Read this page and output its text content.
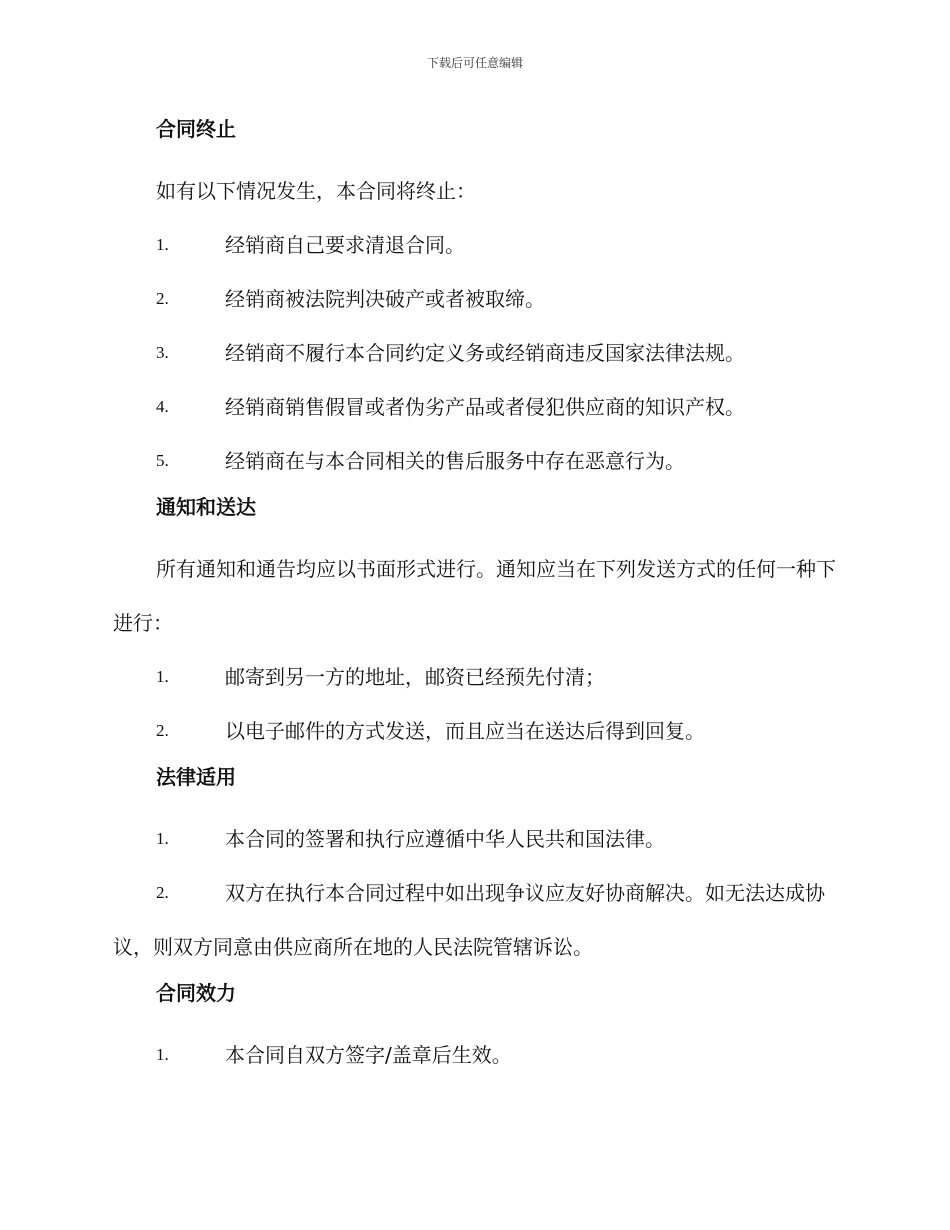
下载后可任意编辑
合同终止

如有以下情况发生，本合同将终止：

1.	经销商自己要求清退合同。
2.	经销商被法院判决破产或者被取缔。
3.	经销商不履行本合同约定义务或经销商违反国家法律法规。
4.	经销商销售假冒或者伪劣产品或者侵犯供应商的知识产权。
5.	经销商在与本合同相关的售后服务中存在恶意行为。
通知和送达

所有通知和通告均应以书面形式进行。通知应当在下列发送方式的任何一种下进行：

1.	邮寄到另一方的地址，邮资已经预先付清；
2.	以电子邮件的方式发送，而且应当在送达后得到回复。
法律适用
1.	本合同的签署和执行应遵循中华人民共和国法律。
2.	双方在执行本合同过程中如出现争议应友好协商解决。如无法达成协议，则双方同意由供应商所在地的人民法院管辖诉讼。
合同效力
1.	本合同自双方签字/盖章后生效。
